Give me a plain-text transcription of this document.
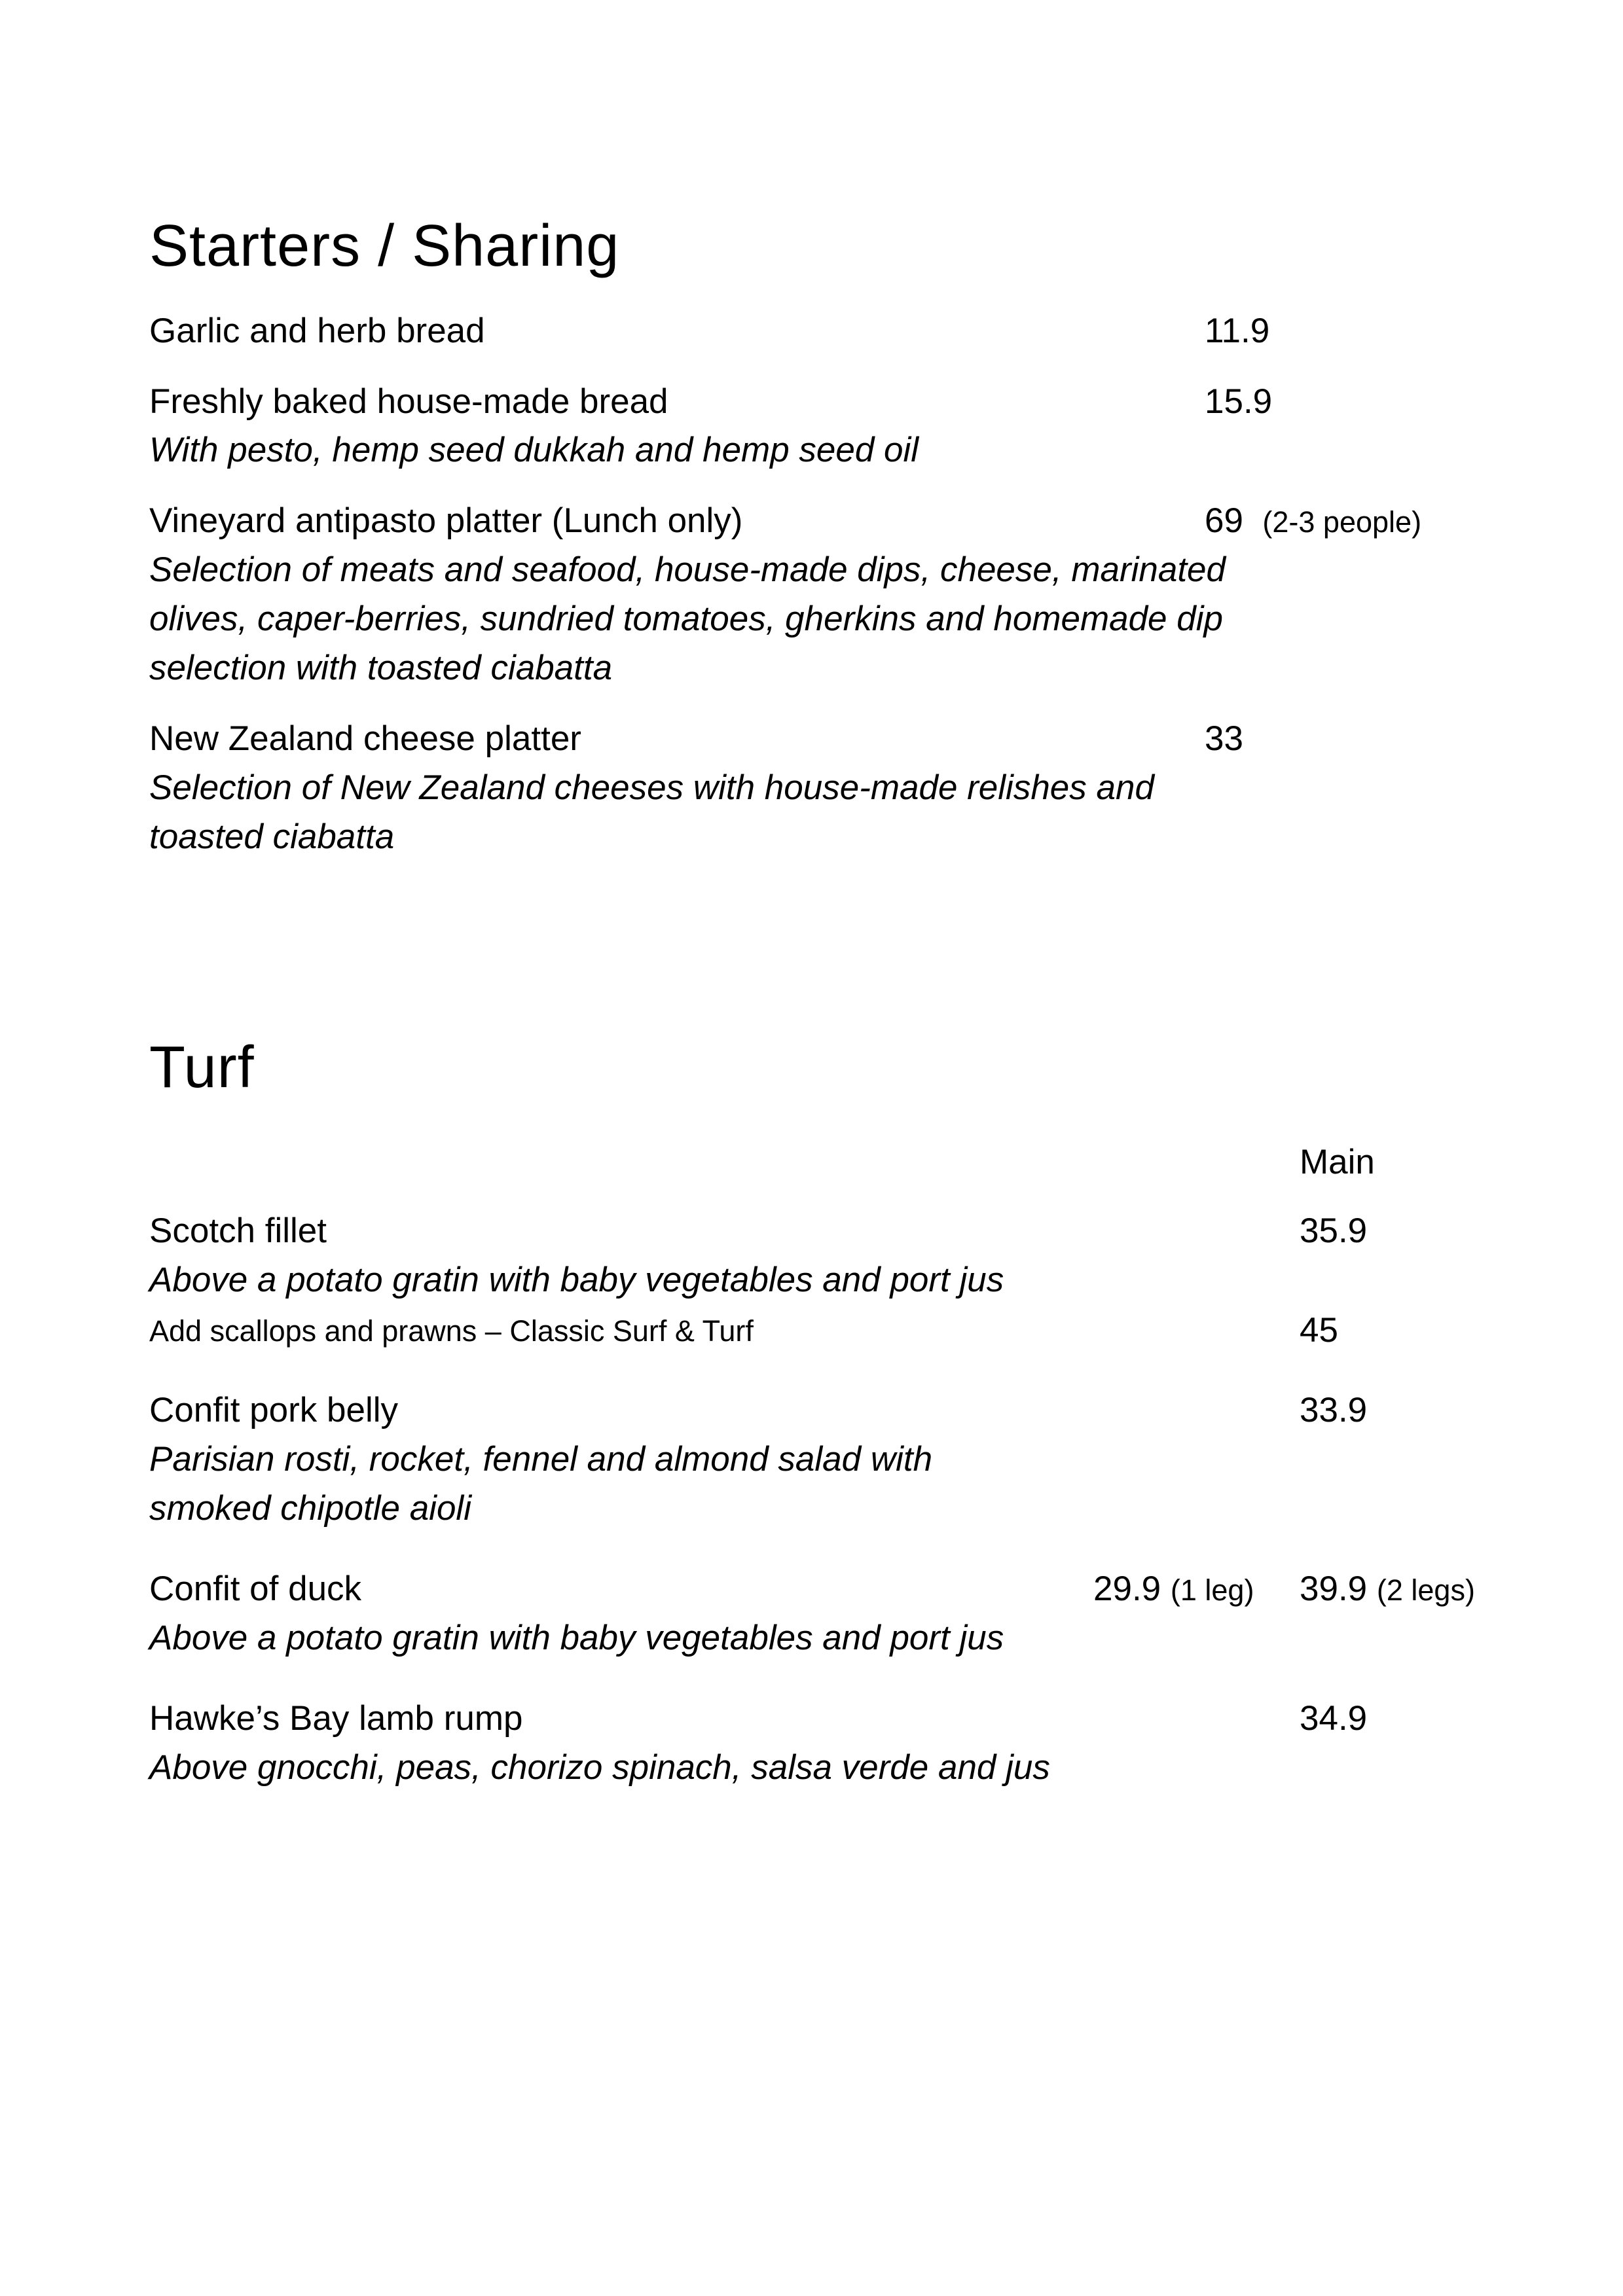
Starters / Sharing
Garlic and herb bread	11.9
Freshly baked house-made bread	15.9
With pesto, hemp seed dukkah and hemp seed oil
Vineyard antipasto platter (Lunch only)	69 (2-3 people)
Selection of meats and seafood, house-made dips, cheese, marinated
olives, caper-berries, sundried tomatoes, gherkins and homemade dip
selection with toasted ciabatta
New Zealand cheese platter	33
Selection of New Zealand cheeses with house-made relishes and
toasted ciabatta
Turf
Main
Scotch fillet	35.9
Above a potato gratin with baby vegetables and port jus
Add scallops and prawns – Classic Surf & Turf	45
Confit pork belly	33.9
Parisian rosti, rocket, fennel and almond salad with
smoked chipotle aioli
Confit of duck	29.9 (1 leg) 39.9 (2 legs)
Above a potato gratin with baby vegetables and port jus
Hawke’s Bay lamb rump	34.9
Above gnocchi, peas, chorizo spinach, salsa verde and jus
